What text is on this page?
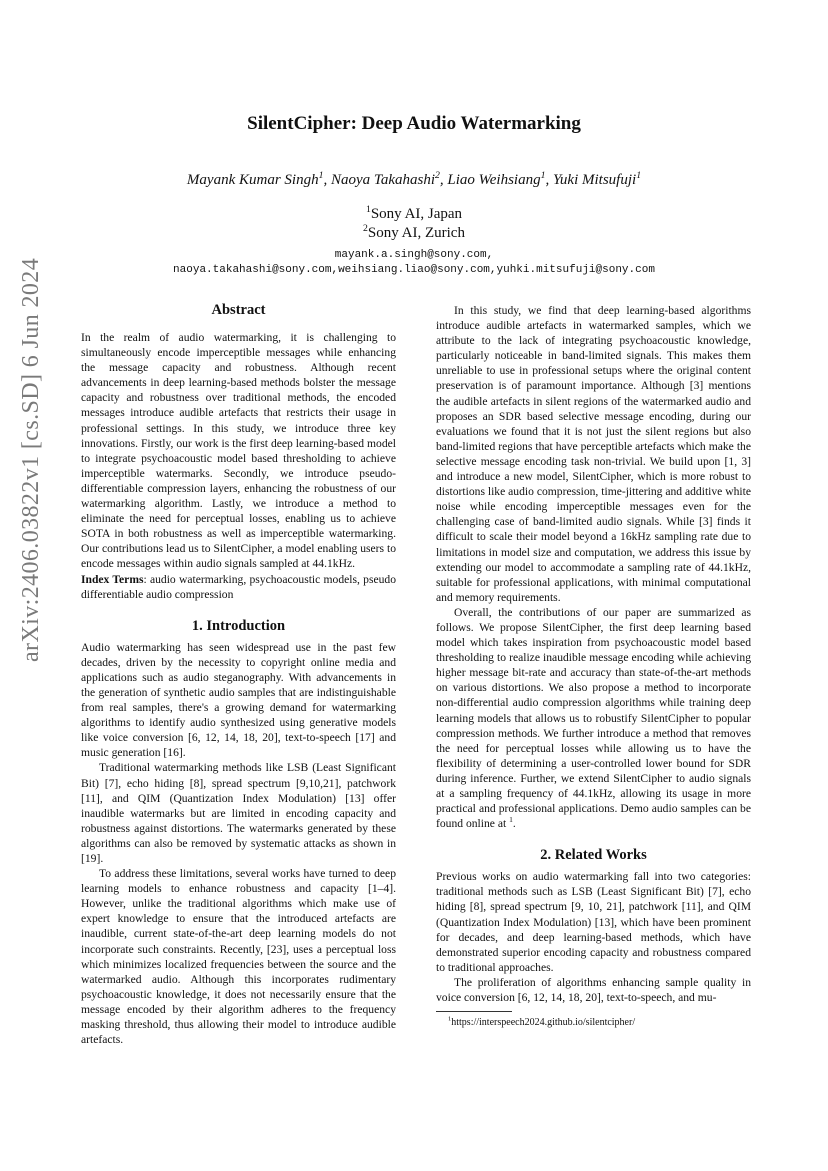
arXiv:2406.03822v1 [cs.SD] 6 Jun 2024
SilentCipher: Deep Audio Watermarking
Mayank Kumar Singh$^1$, Naoya Takahashi$^2$, Liao Weihsiang$^1$, Yuki Mitsufuji$^1$
$^1$Sony AI, Japan
$^2$Sony AI, Zurich
mayank.a.singh@sony.com,
naoya.takahashi@sony.com,weihsiang.liao@sony.com,yuhki.mitsufuji@sony.com
Abstract

In the realm of audio watermarking, it is challenging to simultaneously encode imperceptible messages while enhancing the message capacity and robustness. Although recent advancements in deep learning-based methods bolster the message capacity and robustness over traditional methods, the encoded messages introduce audible artefacts that restricts their usage in professional settings. In this study, we introduce three key innovations. Firstly, our work is the first deep learning-based model to integrate psychoacoustic model based thresholding to achieve imperceptible watermarks. Secondly, we introduce pseudo-differentiable compression layers, enhancing the robustness of our watermarking algorithm. Lastly, we introduce a method to eliminate the need for perceptual losses, enabling us to achieve SOTA in both robustness as well as imperceptible watermarking. Our contributions lead us to SilentCipher, a model enabling users to encode messages within audio signals sampled at 44.1kHz.

Index Terms: audio watermarking, psychoacoustic models, pseudo differentiable audio compression

1. Introduction

Audio watermarking has seen widespread use in the past few decades, driven by the necessity to copyright online media and applications such as audio steganography. With advancements in the generation of synthetic audio samples that are indistinguishable from real samples, there's a growing demand for watermarking algorithms to identify audio synthesized using generative models like voice conversion [6, 12, 14, 18, 20], text-to-speech [17] and music generation [16].

Traditional watermarking methods like LSB (Least Significant Bit) [7], echo hiding [8], spread spectrum [9,10,21], patchwork [11], and QIM (Quantization Index Modulation) [13] offer inaudible watermarks but are limited in encoding capacity and robustness against distortions. The watermarks generated by these algorithms can also be removed by systematic attacks as shown in [19].

To address these limitations, several works have turned to deep learning models to enhance robustness and capacity [1–4]. However, unlike the traditional algorithms which make use of expert knowledge to ensure that the introduced artefacts are inaudible, current state-of-the-art deep learning models do not incorporate such constraints. Recently, [23], uses a perceptual loss which minimizes localized frequencies between the source and the watermarked audio. Although this incorporates rudimentary psychoacoustic knowledge, it does not necessarily ensure that the message encoded by their algorithm adheres to the frequency masking threshold, thus allowing their model to introduce audible artefacts.

In this study, we find that deep learning-based algorithms introduce audible artefacts in watermarked samples, which we attribute to the lack of integrating psychoacoustic knowledge, particularly noticeable in band-limited signals. This makes them unreliable to use in professional setups where the original content preservation is of paramount importance. Although [3] mentions the audible artefacts in silent regions of the watermarked audio and proposes an SDR based selective message encoding, during our evaluations we found that it is not just the silent regions but also band-limited regions that have perceptible artefacts which make the selective message encoding task non-trivial. We build upon [1, 3] and introduce a new model, SilentCipher, which is more robust to distortions like audio compression, time-jittering and additive white noise while encoding imperceptible messages even for the challenging case of band-limited audio signals. While [3] finds it difficult to scale their model beyond a 16kHz sampling rate due to limitations in model size and computation, we address this issue by extending our model to accommodate a sampling rate of 44.1kHz, suitable for professional applications, with minimal computational and memory requirements.

Overall, the contributions of our paper are summarized as follows. We propose SilentCipher, the first deep learning based model which takes inspiration from psychoacoustic model based thresholding to realize inaudible message encoding while achieving higher message bit-rate and accuracy than state-of-the-art methods on various distortions. We also propose a method to incorporate non-differential audio compression algorithms while training deep learning models that allows us to robustify SilentCipher to popular compression methods. We further introduce a method that removes the need for perceptual losses while allowing us to have the flexibility of determining a user-controlled lower bound for SDR during inference. Further, we extend SilentCipher to audio signals at a sampling frequency of 44.1kHz, allowing its usage in more practical and professional applications. Demo audio samples can be found online at $^1$.

2. Related Works

Previous works on audio watermarking fall into two categories: traditional methods such as LSB (Least Significant Bit) [7], echo hiding [8], spread spectrum [9, 10, 21], patchwork [11], and QIM (Quantization Index Modulation) [13], which have been prominent for decades, and deep learning-based methods, which have demonstrated superior encoding capacity and robustness compared to traditional approaches.

The proliferation of algorithms enhancing sample quality in voice conversion [6, 12, 14, 18, 20], text-to-speech, and mu-

$^1$https://interspeech2024.github.io/silentcipher/
